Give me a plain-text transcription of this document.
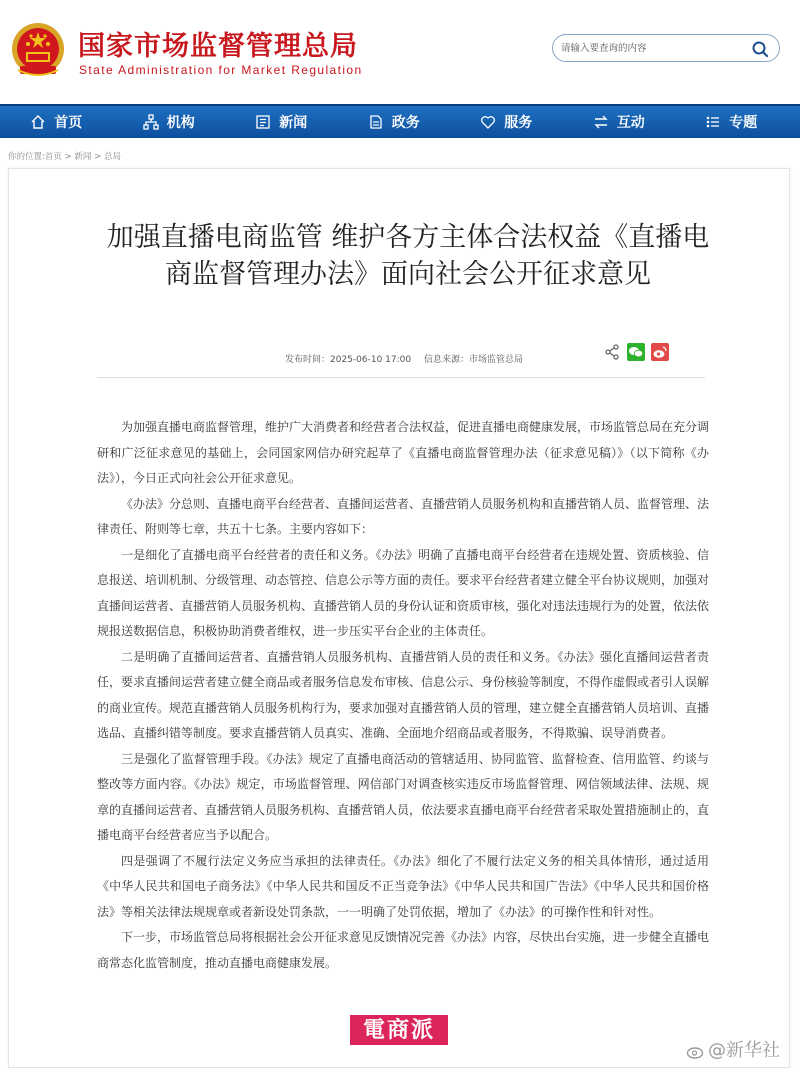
国家市场监督管理总局
State Administration for Market Regulation
请输入要查询的内容
首页	机构	新闻	政务	服务	互动	专题
你的位置:首页 > 新闻 > 总局
加强直播电商监管 维护各方主体合法权益《直播电商监督管理办法》面向社会公开征求意见
发布时间：2025-06-10 17:00 信息来源：市场监管总局

为加强直播电商监督管理，维护广大消费者和经营者合法权益，促进直播电商健康发展，市场监管总局在充分调研和广泛征求意见的基础上，会同国家网信办研究起草了《直播电商监督管理办法（征求意见稿）》（以下简称《办法》），今日正式向社会公开征求意见。

《办法》分总则、直播电商平台经营者、直播间运营者、直播营销人员服务机构和直播营销人员、监督管理、法律责任、附则等七章，共五十七条。主要内容如下：

一是细化了直播电商平台经营者的责任和义务。《办法》明确了直播电商平台经营者在违规处置、资质核验、信息报送、培训机制、分级管理、动态管控、信息公示等方面的责任。要求平台经营者建立健全平台协议规则，加强对直播间运营者、直播营销人员服务机构、直播营销人员的身份认证和资质审核，强化对违法违规行为的处置，依法依规报送数据信息，积极协助消费者维权，进一步压实平台企业的主体责任。

二是明确了直播间运营者、直播营销人员服务机构、直播营销人员的责任和义务。《办法》强化直播间运营者责任，要求直播间运营者建立健全商品或者服务信息发布审核、信息公示、身份核验等制度，不得作虚假或者引人误解的商业宣传。规范直播营销人员服务机构行为，要求加强对直播营销人员的管理，建立健全直播营销人员培训、直播选品、直播纠错等制度。要求直播营销人员真实、准确、全面地介绍商品或者服务，不得欺骗、误导消费者。

三是强化了监督管理手段。《办法》规定了直播电商活动的管辖适用、协同监管、监督检查、信用监管、约谈与整改等方面内容。《办法》规定，市场监督管理、网信部门对调查核实违反市场监督管理、网信领域法律、法规、规章的直播间运营者、直播营销人员服务机构、直播营销人员，依法要求直播电商平台经营者采取处置措施制止的，直播电商平台经营者应当予以配合。

四是强调了不履行法定义务应当承担的法律责任。《办法》细化了不履行法定义务的相关具体情形，通过适用《中华人民共和国电子商务法》《中华人民共和国反不正当竞争法》《中华人民共和国广告法》《中华人民共和国价格法》等相关法律法规规章或者新设处罚条款，一一明确了处罚依据，增加了《办法》的可操作性和针对性。

下一步，市场监管总局将根据社会公开征求意见反馈情况完善《办法》内容，尽快出台实施，进一步健全直播电商常态化监管制度，推动直播电商健康发展。

電商派
@新华社
